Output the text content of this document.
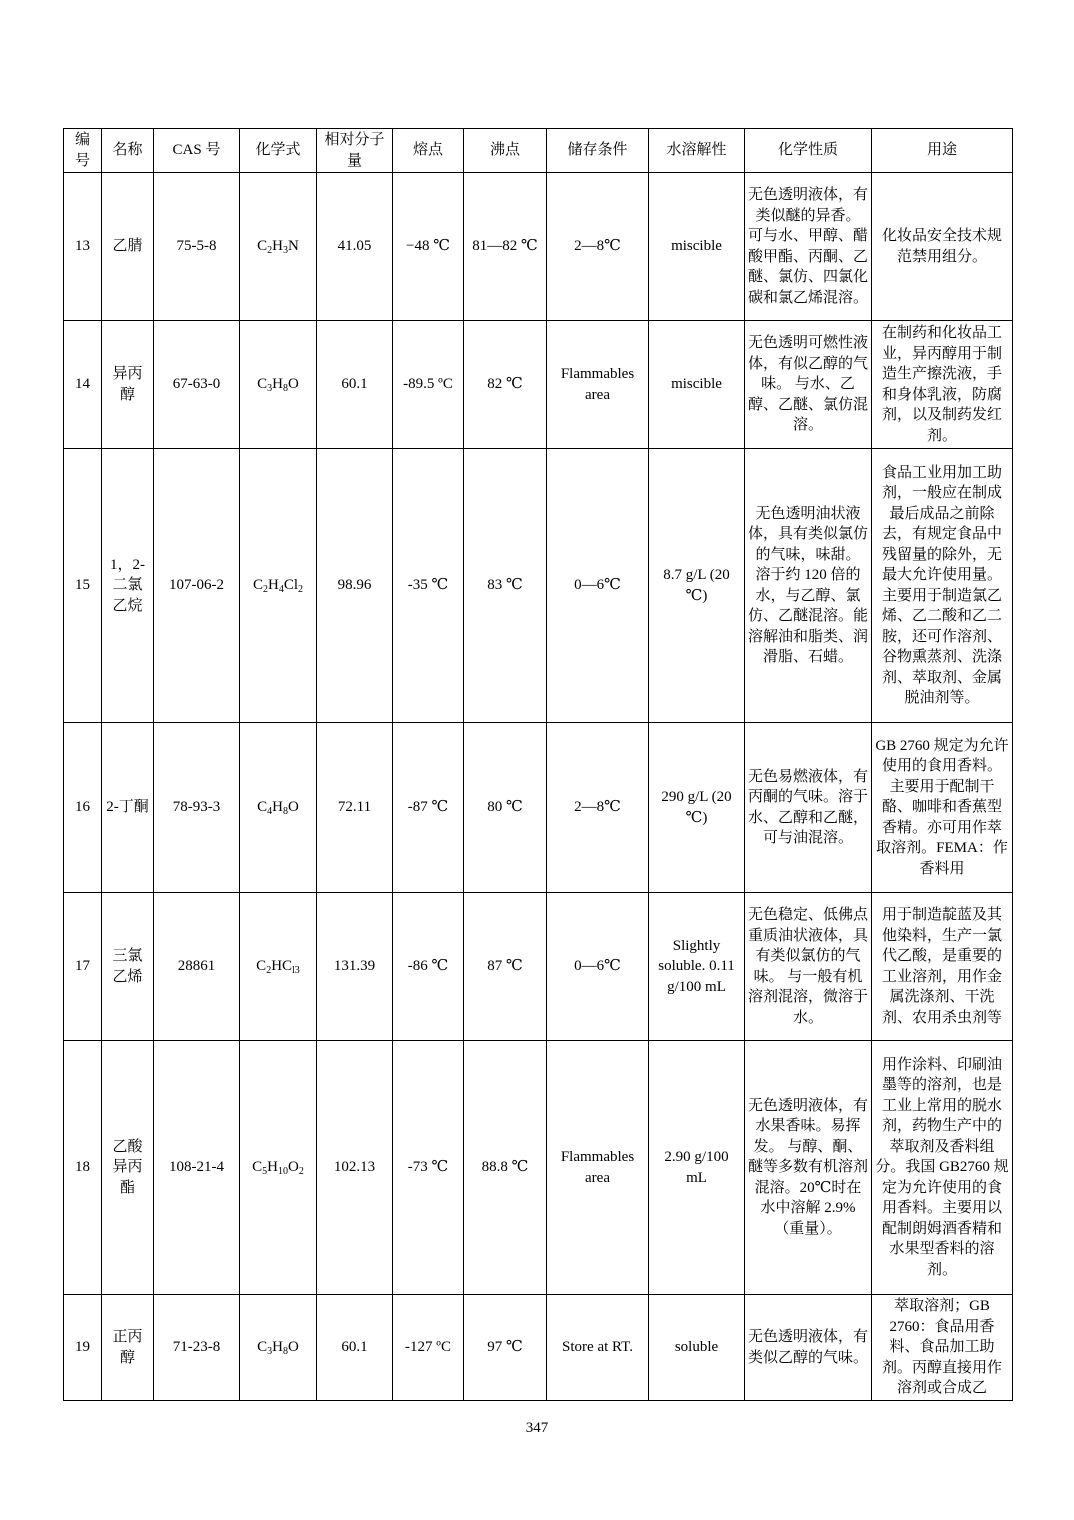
编号	名称	CAS 号	化学式	相对分子量	熔点	沸点	储存条件	水溶解性	化学性质	用途
13	乙腈	75-5-8	$C_2H_3N$	41.05	−48 ℃	81—82 ℃	2—8℃	miscible	无色透明液体，有类似醚的异香。 可与水、甲醇、醋酸甲酯、丙酮、乙醚、氯仿、四氯化碳和氯乙烯混溶。	化妆品安全技术规范禁用组分。
14	异丙醇	67-63-0	$C_3H_8O$	60.1	-89.5 ºC	82 ℃	Flammables area	miscible	无色透明可燃性液体，有似乙醇的气味。 与水、乙醇、乙醚、氯仿混溶。	在制药和化妆品工业，异丙醇用于制造生产擦洗液，手和身体乳液，防腐剂，以及制药发红剂。
15	1，2-二氯乙烷	107-06-2	$C_2H_4Cl_2$	98.96	-35 ℃	83 ℃	0—6℃	8.7 g/L (20 ℃)	无色透明油状液体，具有类似氯仿的气味，味甜。 溶于约 120 倍的水，与乙醇、氯仿、乙醚混溶。能溶解油和脂类、润滑脂、石蜡。	食品工业用加工助剂，一般应在制成最后成品之前除去，有规定食品中残留量的除外，无最大允许使用量。主要用于制造氯乙烯、乙二酸和乙二胺，还可作溶剂、谷物熏蒸剂、洗涤剂、萃取剂、金属脱油剂等。
16	2-丁酮	78-93-3	$C_4H_8O$	72.11	-87 ℃	80 ℃	2—8℃	290 g/L (20 ℃)	无色易燃液体，有丙酮的气味。溶于水、乙醇和乙醚，可与油混溶。	GB 2760 规定为允许使用的食用香料。主要用于配制干酪、咖啡和香蕉型香精。亦可用作萃取溶剂。FEMA：作香料用
17	三氯乙烯	28861	$C_2HC_{l3}$	131.39	-86 ℃	87 ℃	0—6℃	Slightly soluble. 0.11 g/100 mL	无色稳定、低佛点重质油状液体，具有类似氯仿的气味。 与一般有机溶剂混溶，微溶于水。	用于制造靛蓝及其他染料，生产一氯代乙酸，是重要的工业溶剂，用作金属洗涤剂、干洗剂、农用杀虫剂等
18	乙酸异丙酯	108-21-4	$C_5H_{10}O_2$	102.13	-73 ℃	88.8 ℃	Flammables area	2.90 g/100 mL	无色透明液体，有水果香味。易挥发。 与醇、酮、醚等多数有机溶剂混溶。20℃时在水中溶解 2.9%（重量）。	用作涂料、印刷油墨等的溶剂，也是工业上常用的脱水剂，药物生产中的萃取剂及香料组分。我国 GB2760 规定为允许使用的食用香料。主要用以配制朗姆酒香精和水果型香料的溶剂。
19	正丙醇	71-23-8	$C_3H_8O$	60.1	-127 ºC	97 ℃	Store at RT.	soluble	无色透明液体，有类似乙醇的气味。	萃取溶剂；GB 2760：食品用香料、食品加工助剂。丙醇直接用作溶剂或合成乙
347
